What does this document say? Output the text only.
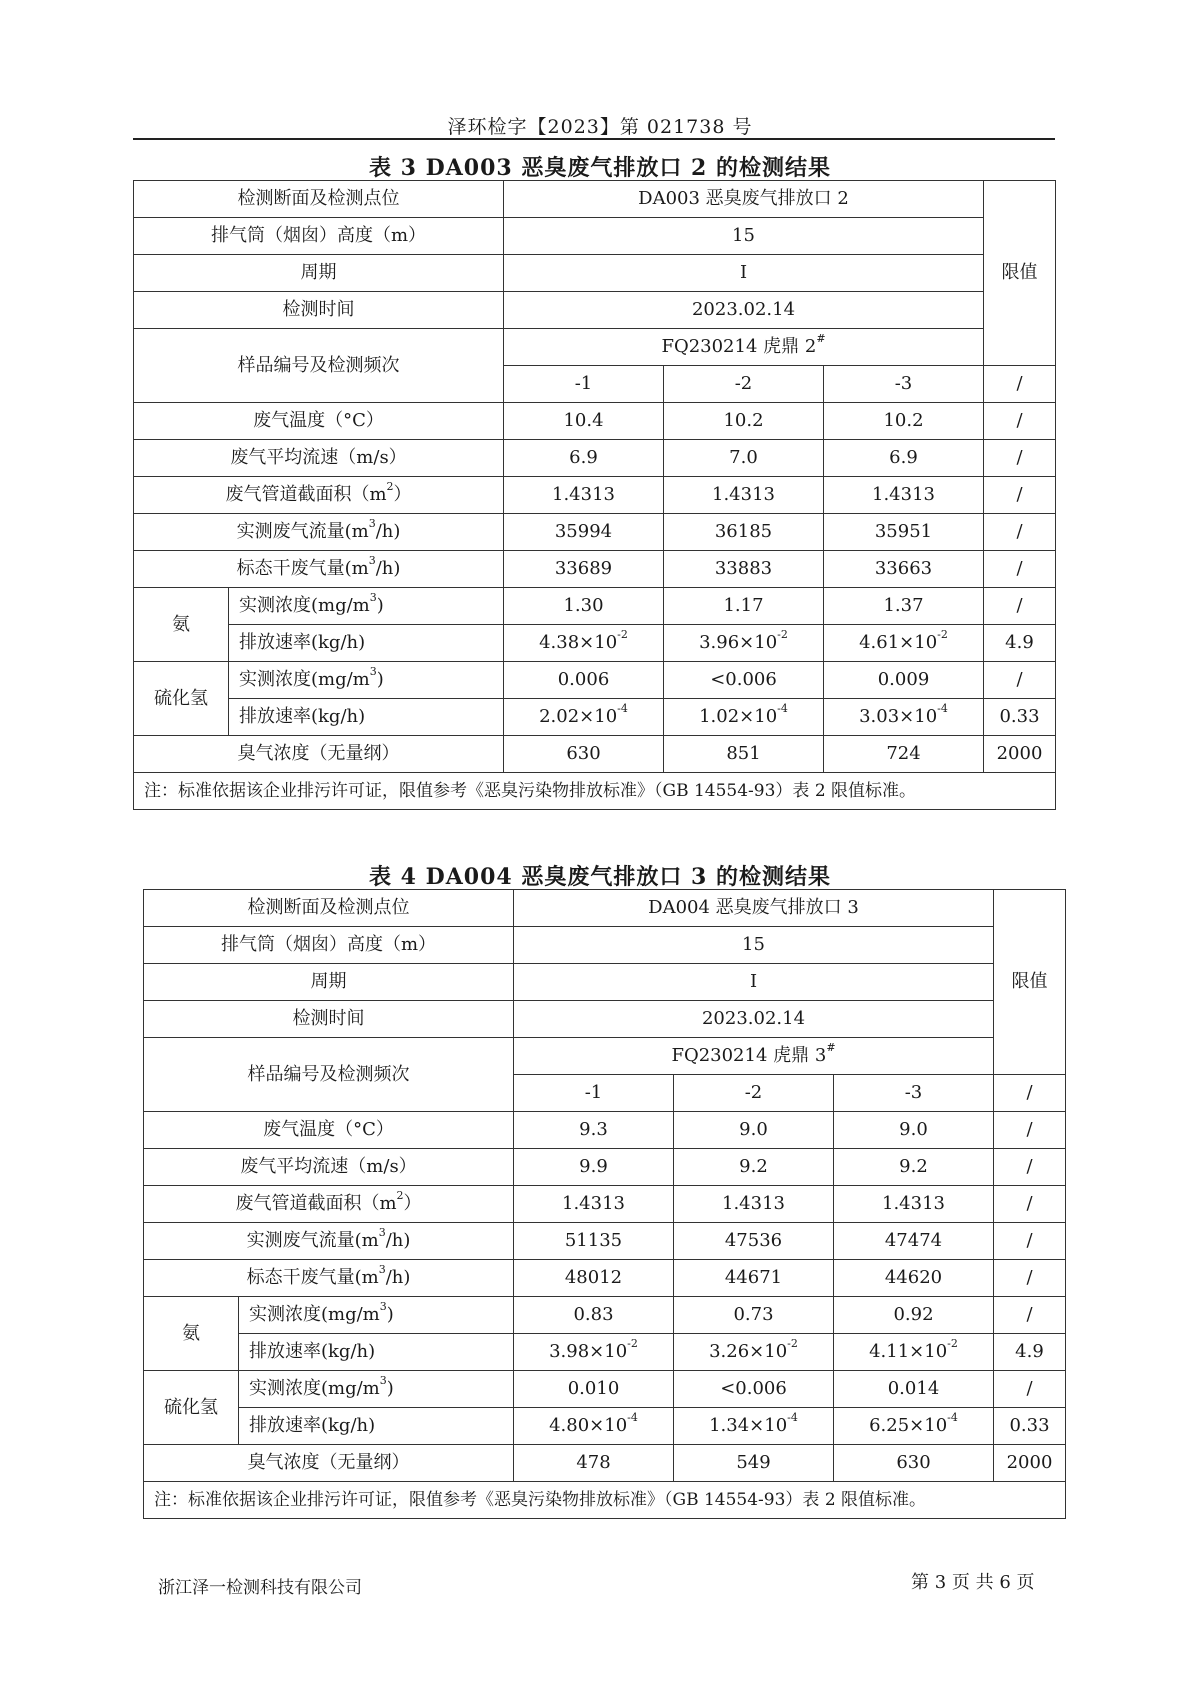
泽环检字【2023】第 021738 号
表 3 DA003 恶臭废气排放口 2 的检测结果
检测断面及检测点位	DA003 恶臭废气排放口 2	限值
排气筒（烟囱）高度（m）	15
周期	I
检测时间	2023.02.14
样品编号及检测频次	FQ230214 虎鼎 2#
-1	-2	-3	/
废气温度（°C）	10.4	10.2	10.2	/
废气平均流速（m/s）	6.9	7.0	6.9	/
废气管道截面积$(m^2)$	1.4313	1.4313	1.4313	/
实测废气流量$(m^3/h)$	35994	36185	35951	/
标态干废气量$(m^3/h)$	33689	33883	33663	/
氨	实测浓度$(mg/m^3)$	1.30	1.17	1.37	/
排放速率(kg/h)	$4.38\times 10^{-2}$	$3.96\times 10^{-2}$	$4.61\times 10^{-2}$	4.9
硫化氢	实测浓度$(mg/m^3)$	0.006	<0.006	0.009	/
排放速率(kg/h)	$2.02\times 10^{-4}$	$1.02\times 10^{-4}$	$3.03\times 10^{-4}$	0.33
臭气浓度（无量纲）	630	851	724	2000
注：标准依据该企业排污许可证，限值参考《恶臭污染物排放标准》（GB 14554-93）表 2 限值标准。
表 4 DA004 恶臭废气排放口 3 的检测结果
检测断面及检测点位	DA004 恶臭废气排放口 3	限值
排气筒（烟囱）高度（m）	15
周期	I
检测时间	2023.02.14
样品编号及检测频次	FQ230214 虎鼎 3#
-1	-2	-3	/
废气温度（°C）	9.3	9.0	9.0	/
废气平均流速（m/s）	9.9	9.2	9.2	/
废气管道截面积$(m^2)$	1.4313	1.4313	1.4313	/
实测废气流量$(m^3/h)$	51135	47536	47474	/
标态干废气量$(m^3/h)$	48012	44671	44620	/
氨	实测浓度$(mg/m^3)$	0.83	0.73	0.92	/
排放速率(kg/h)	$3.98\times 10^{-2}$	$3.26\times 10^{-2}$	$4.11\times 10^{-2}$	4.9
硫化氢	实测浓度$(mg/m^3)$	0.010	<0.006	0.014	/
排放速率(kg/h)	$4.80\times 10^{-4}$	$1.34\times 10^{-4}$	$6.25\times 10^{-4}$	0.33
臭气浓度（无量纲）	478	549	630	2000
注：标准依据该企业排污许可证，限值参考《恶臭污染物排放标准》（GB 14554-93）表 2 限值标准。
浙江泽一检测科技有限公司	第 3 页 共 6 页
